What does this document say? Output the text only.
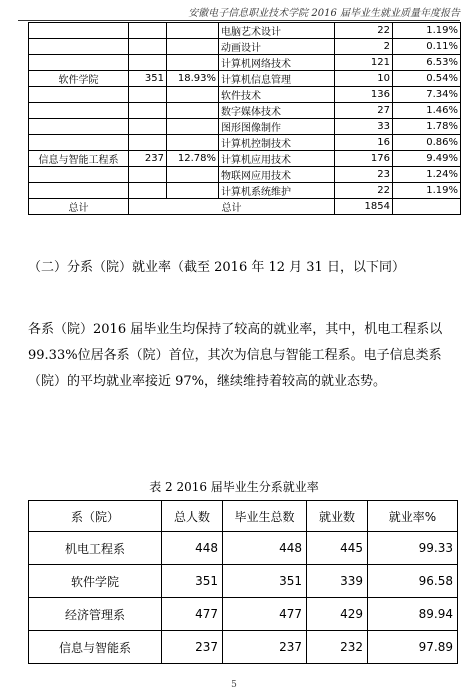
安徽电子信息职业技术学院 2016 届毕业生就业质量年度报告
			电脑艺术设计	22	1.19%
			动画设计	2	0.11%
			计算机网络技术	121	6.53%
软件学院	351	18.93%	计算机信息管理	10	0.54%
			软件技术	136	7.34%
			数字媒体技术	27	1.46%
			图形图像制作	33	1.78%
			计算机控制技术	16	0.86%
信息与智能工程系	237	12.78%	计算机应用技术	176	9.49%
			物联网应用技术	23	1.24%
			计算机系统维护	22	1.19%
总计	总计			1854	
（二）分系（院）就业率（截至 2016 年 12 月 31 日，以下同）
各系（院）2016 届毕业生均保持了较高的就业率，其中，机电工程系以 99.33%位居各系（院）首位，其次为信息与智能工程系。电子信息类系（院）的平均就业率接近 97%，继续维持着较高的就业态势。
表 2 2016 届毕业生分系就业率
系（院）	总人数	毕业生总数	就业数	就业率%
机电工程系	448	448	445	99.33
软件学院	351	351	339	96.58
经济管理系	477	477	429	89.94
信息与智能系	237	237	232	97.89
5
